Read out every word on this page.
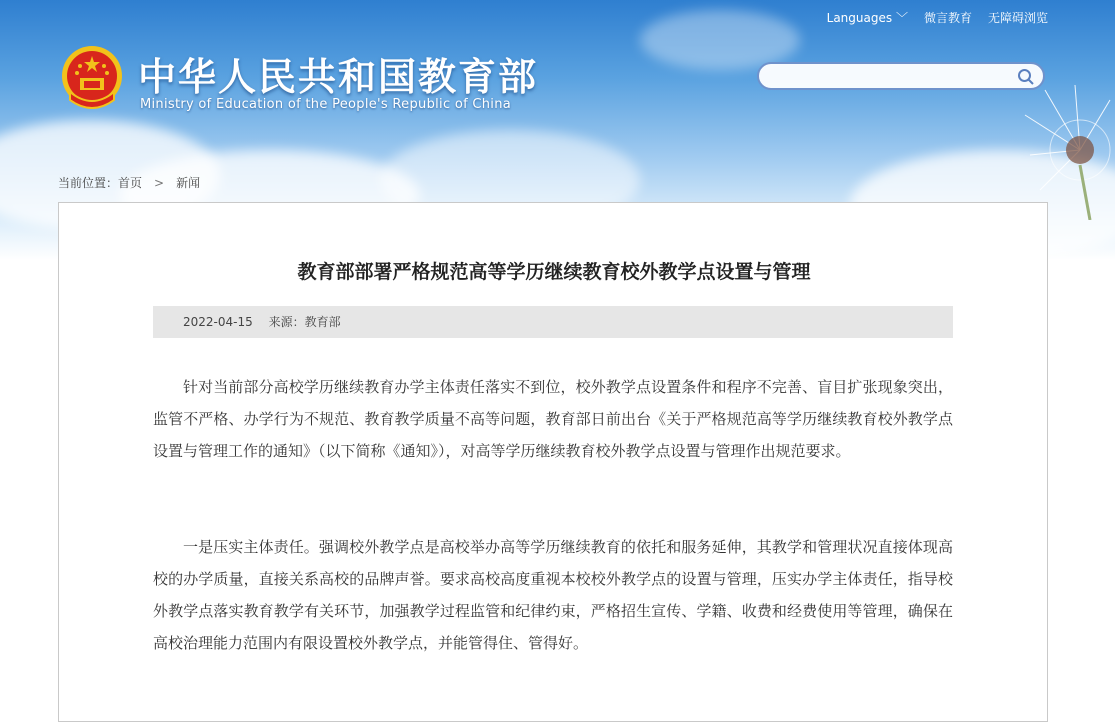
Languages ﹀ 微言教育 无障碍浏览
中华人民共和国教育部
Ministry of Education of the People's Republic of China
当前位置： 首页 > 新闻
教育部部署严格规范高等学历继续教育校外教学点设置与管理
2022-04-15 来源：教育部
针对当前部分高校学历继续教育办学主体责任落实不到位，校外教学点设置条件和程序不完善、盲目扩张现象突出，监管不严格、办学行为不规范、教育教学质量不高等问题，教育部日前出台《关于严格规范高等学历继续教育校外教学点设置与管理工作的通知》（以下简称《通知》），对高等学历继续教育校外教学点设置与管理作出规范要求。
一是压实主体责任。强调校外教学点是高校举办高等学历继续教育的依托和服务延伸，其教学和管理状况直接体现高校的办学质量，直接关系高校的品牌声誉。要求高校高度重视本校校外教学点的设置与管理，压实办学主体责任，指导校外教学点落实教育教学有关环节，加强教学过程监管和纪律约束，严格招生宣传、学籍、收费和经费使用等管理，确保在高校治理能力范围内有限设置校外教学点，并能管得住、管得好。
